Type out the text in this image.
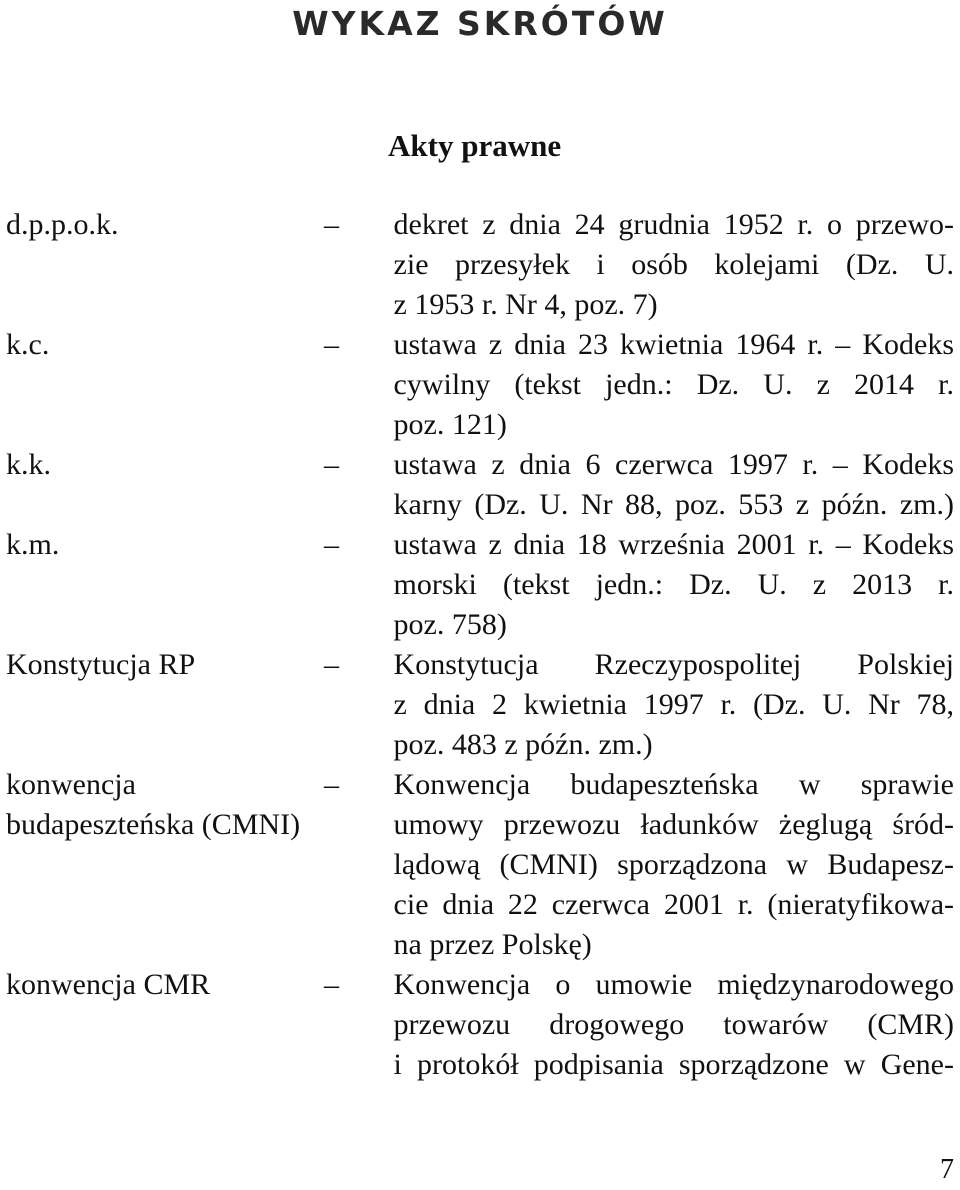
WYKAZ SKRÓTÓW
Akty prawne
d.p.p.o.k.	–	dekret z dnia 24 grudnia 1952 r. o przewo-
zie przesyłek i osób kolejami (Dz. U.
z 1953 r. Nr 4, poz. 7)
k.c.	–	ustawa z dnia 23 kwietnia 1964 r. – Kodeks
cywilny (tekst jedn.: Dz. U. z 2014 r.
poz. 121)
k.k.	–	ustawa z dnia 6 czerwca 1997 r. – Kodeks
karny (Dz. U. Nr 88, poz. 553 z późn. zm.)
k.m.	–	ustawa z dnia 18 września 2001 r. – Kodeks
morski (tekst jedn.: Dz. U. z 2013 r.
poz. 758)
Konstytucja RP	–	Konstytucja Rzeczypospolitej Polskiej
z dnia 2 kwietnia 1997 r. (Dz. U. Nr 78,
poz. 483 z późn. zm.)
konwencja
budapeszteńska (CMNI)
–	Konwencja budapeszteńska w sprawie
umowy przewozu ładunków żeglugą śród-
lądową (CMNI) sporządzona w Budapesz-
cie dnia 22 czerwca 2001 r. (nieratyfikowa-
na przez Polskę)
konwencja CMR	–	Konwencja o umowie międzynarodowego
przewozu drogowego towarów (CMR)
i protokół podpisania sporządzone w Gene-
7
